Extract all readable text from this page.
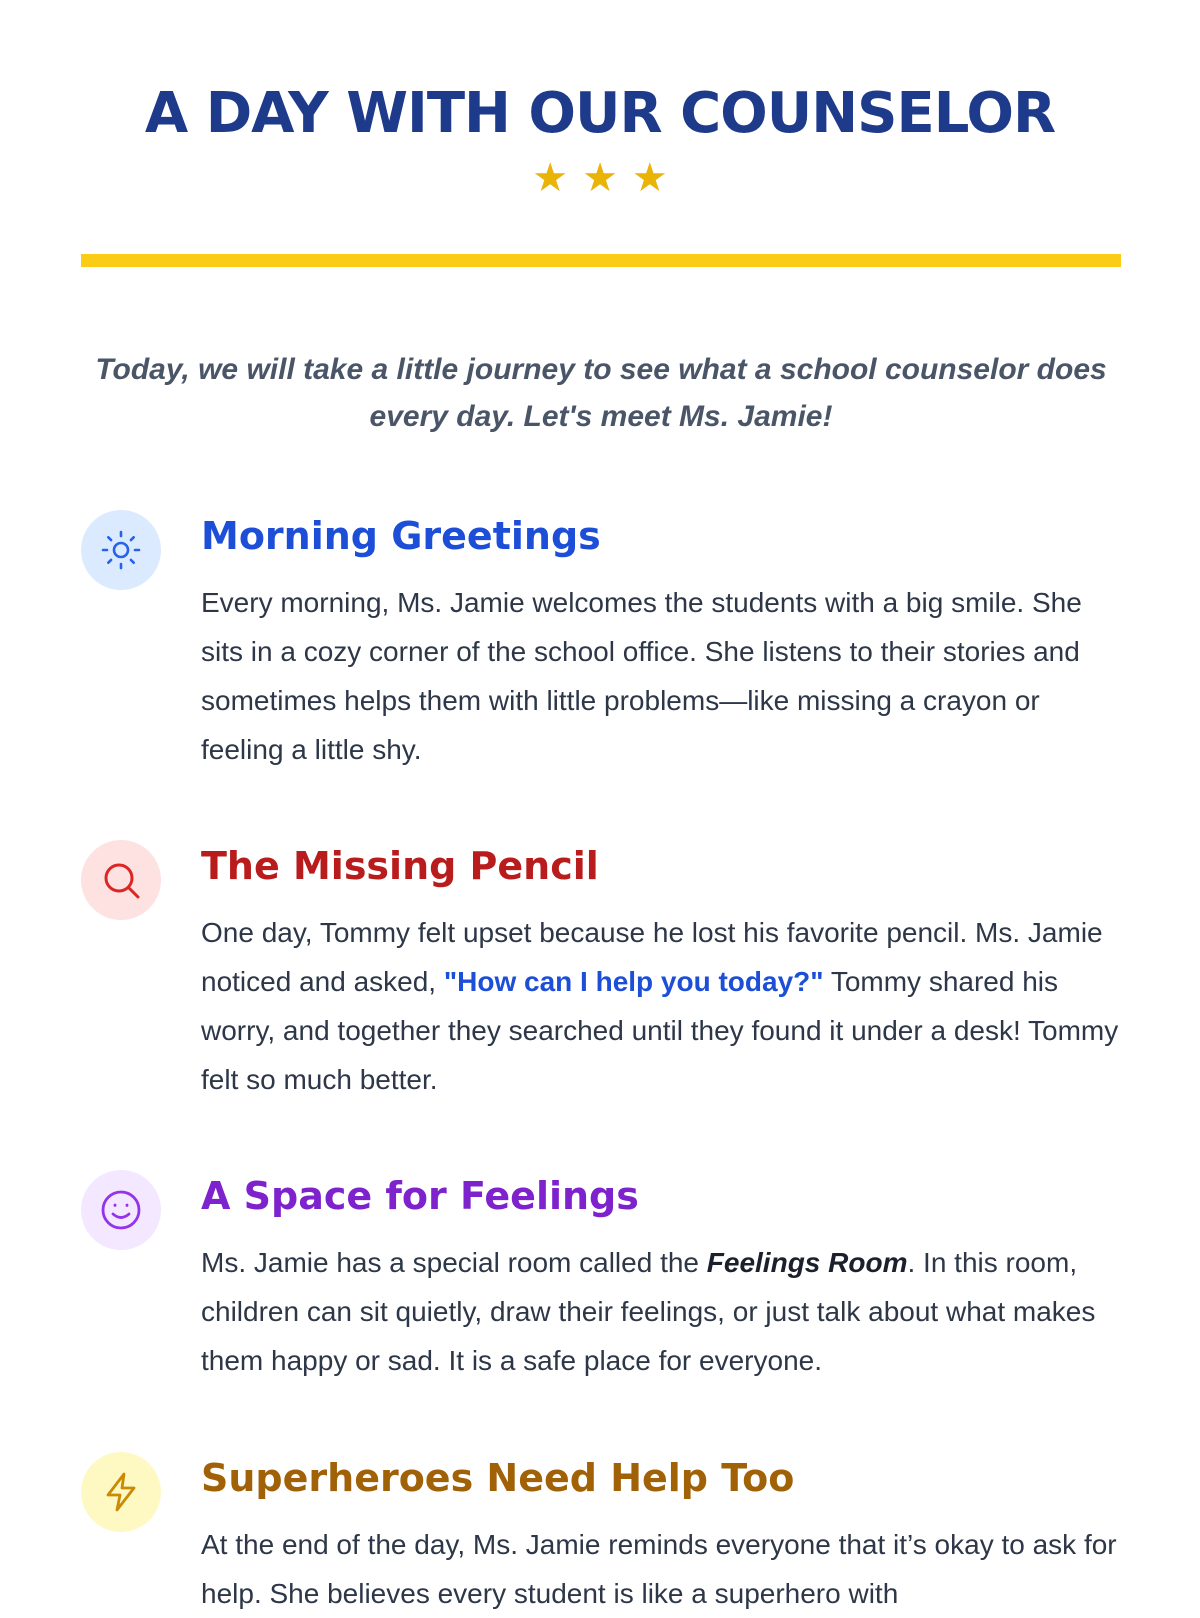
A DAY WITH OUR COUNSELOR
★★★

Today, we will take a little journey to see what a school counselor does every day. Let's meet Ms. Jamie!

Morning Greetings

Every morning, Ms. Jamie welcomes the students with a big smile. She sits in a cozy corner of the school office. She listens to their stories and sometimes helps them with little problems—like missing a crayon or feeling a little shy.

The Missing Pencil

One day, Tommy felt upset because he lost his favorite pencil. Ms. Jamie noticed and asked, "How can I help you today?" Tommy shared his worry, and together they searched until they found it under a desk! Tommy felt so much better.

A Space for Feelings

Ms. Jamie has a special room called the Feelings Room. In this room, children can sit quietly, draw their feelings, or just talk about what makes them happy or sad. It is a safe place for everyone.

Superheroes Need Help Too

At the end of the day, Ms. Jamie reminds everyone that it’s okay to ask for help. She believes every student is like a superhero with
